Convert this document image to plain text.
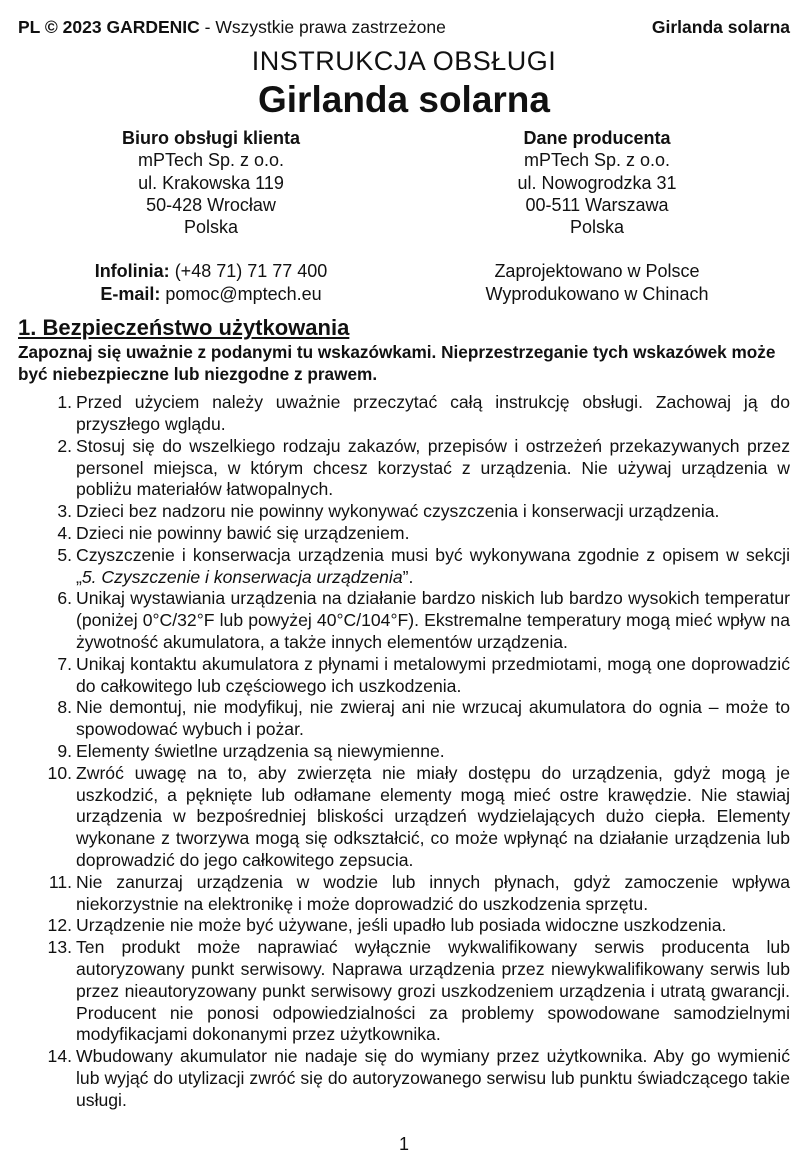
PL © 2023 GARDENIC - Wszystkie prawa zastrzeżone	Girlanda solarna
INSTRUKCJA OBSŁUGI
Girlanda solarna
Biuro obsługi klienta
mPTech Sp. z o.o.
ul. Krakowska 119
50-428 Wrocław
Polska
Infolinia: (+48 71) 71 77 400
E-mail: pomoc@mptech.eu
Dane producenta
mPTech Sp. z o.o.
ul. Nowogrodzka 31
00-511 Warszawa
Polska
Zaprojektowano w Polsce
Wyprodukowano w Chinach
1. Bezpieczeństwo użytkowania
Zapoznaj się uważnie z podanymi tu wskazówkami. Nieprzestrzeganie tych wskazówek może być niebezpieczne lub niezgodne z prawem.
1. Przed użyciem należy uważnie przeczytać całą instrukcję obsługi. Zachowaj ją do przyszłego wglądu.
2. Stosuj się do wszelkiego rodzaju zakazów, przepisów i ostrzeżeń przekazywanych przez personel miejsca, w którym chcesz korzystać z urządzenia. Nie używaj urządzenia w pobliżu materiałów łatwopalnych.
3. Dzieci bez nadzoru nie powinny wykonywać czyszczenia i konserwacji urządzenia.
4. Dzieci nie powinny bawić się urządzeniem.
5. Czyszczenie i konserwacja urządzenia musi być wykonywana zgodnie z opisem w sekcji „5. Czyszczenie i konserwacja urządzenia”.
6. Unikaj wystawiania urządzenia na działanie bardzo niskich lub bardzo wysokich temperatur (poniżej 0°C/32°F lub powyżej 40°C/104°F). Ekstremalne temperatury mogą mieć wpływ na żywotność akumulatora, a także innych elementów urządzenia.
7. Unikaj kontaktu akumulatora z płynami i metalowymi przedmiotami, mogą one doprowadzić do całkowitego lub częściowego ich uszkodzenia.
8. Nie demontuj, nie modyfikuj, nie zwieraj ani nie wrzucaj akumulatora do ognia – może to spowodować wybuch i pożar.
9. Elementy świetlne urządzenia są niewymienne.
10. Zwróć uwagę na to, aby zwierzęta nie miały dostępu do urządzenia, gdyż mogą je uszkodzić, a pęknięte lub odłamane elementy mogą mieć ostre krawędzie. Nie stawiaj urządzenia w bezpośredniej bliskości urządzeń wydzielających dużo ciepła. Elementy wykonane z tworzywa mogą się odkształcić, co może wpłynąć na działanie urządzenia lub doprowadzić do jego całkowitego zepsucia.
11. Nie zanurzaj urządzenia w wodzie lub innych płynach, gdyż zamoczenie wpływa niekorzystnie na elektronikę i może doprowadzić do uszkodzenia sprzętu.
12. Urządzenie nie może być używane, jeśli upadło lub posiada widoczne uszkodzenia.
13. Ten produkt może naprawiać wyłącznie wykwalifikowany serwis producenta lub autoryzowany punkt serwisowy. Naprawa urządzenia przez niewykwalifikowany serwis lub przez nieautoryzowany punkt serwisowy grozi uszkodzeniem urządzenia i utratą gwarancji. Producent nie ponosi odpowiedzialności za problemy spowodowane samodzielnymi modyfikacjami dokonanymi przez użytkownika.
14. Wbudowany akumulator nie nadaje się do wymiany przez użytkownika. Aby go wymienić lub wyjąć do utylizacji zwróć się do autoryzowanego serwisu lub punktu świadczącego takie usługi.
1
